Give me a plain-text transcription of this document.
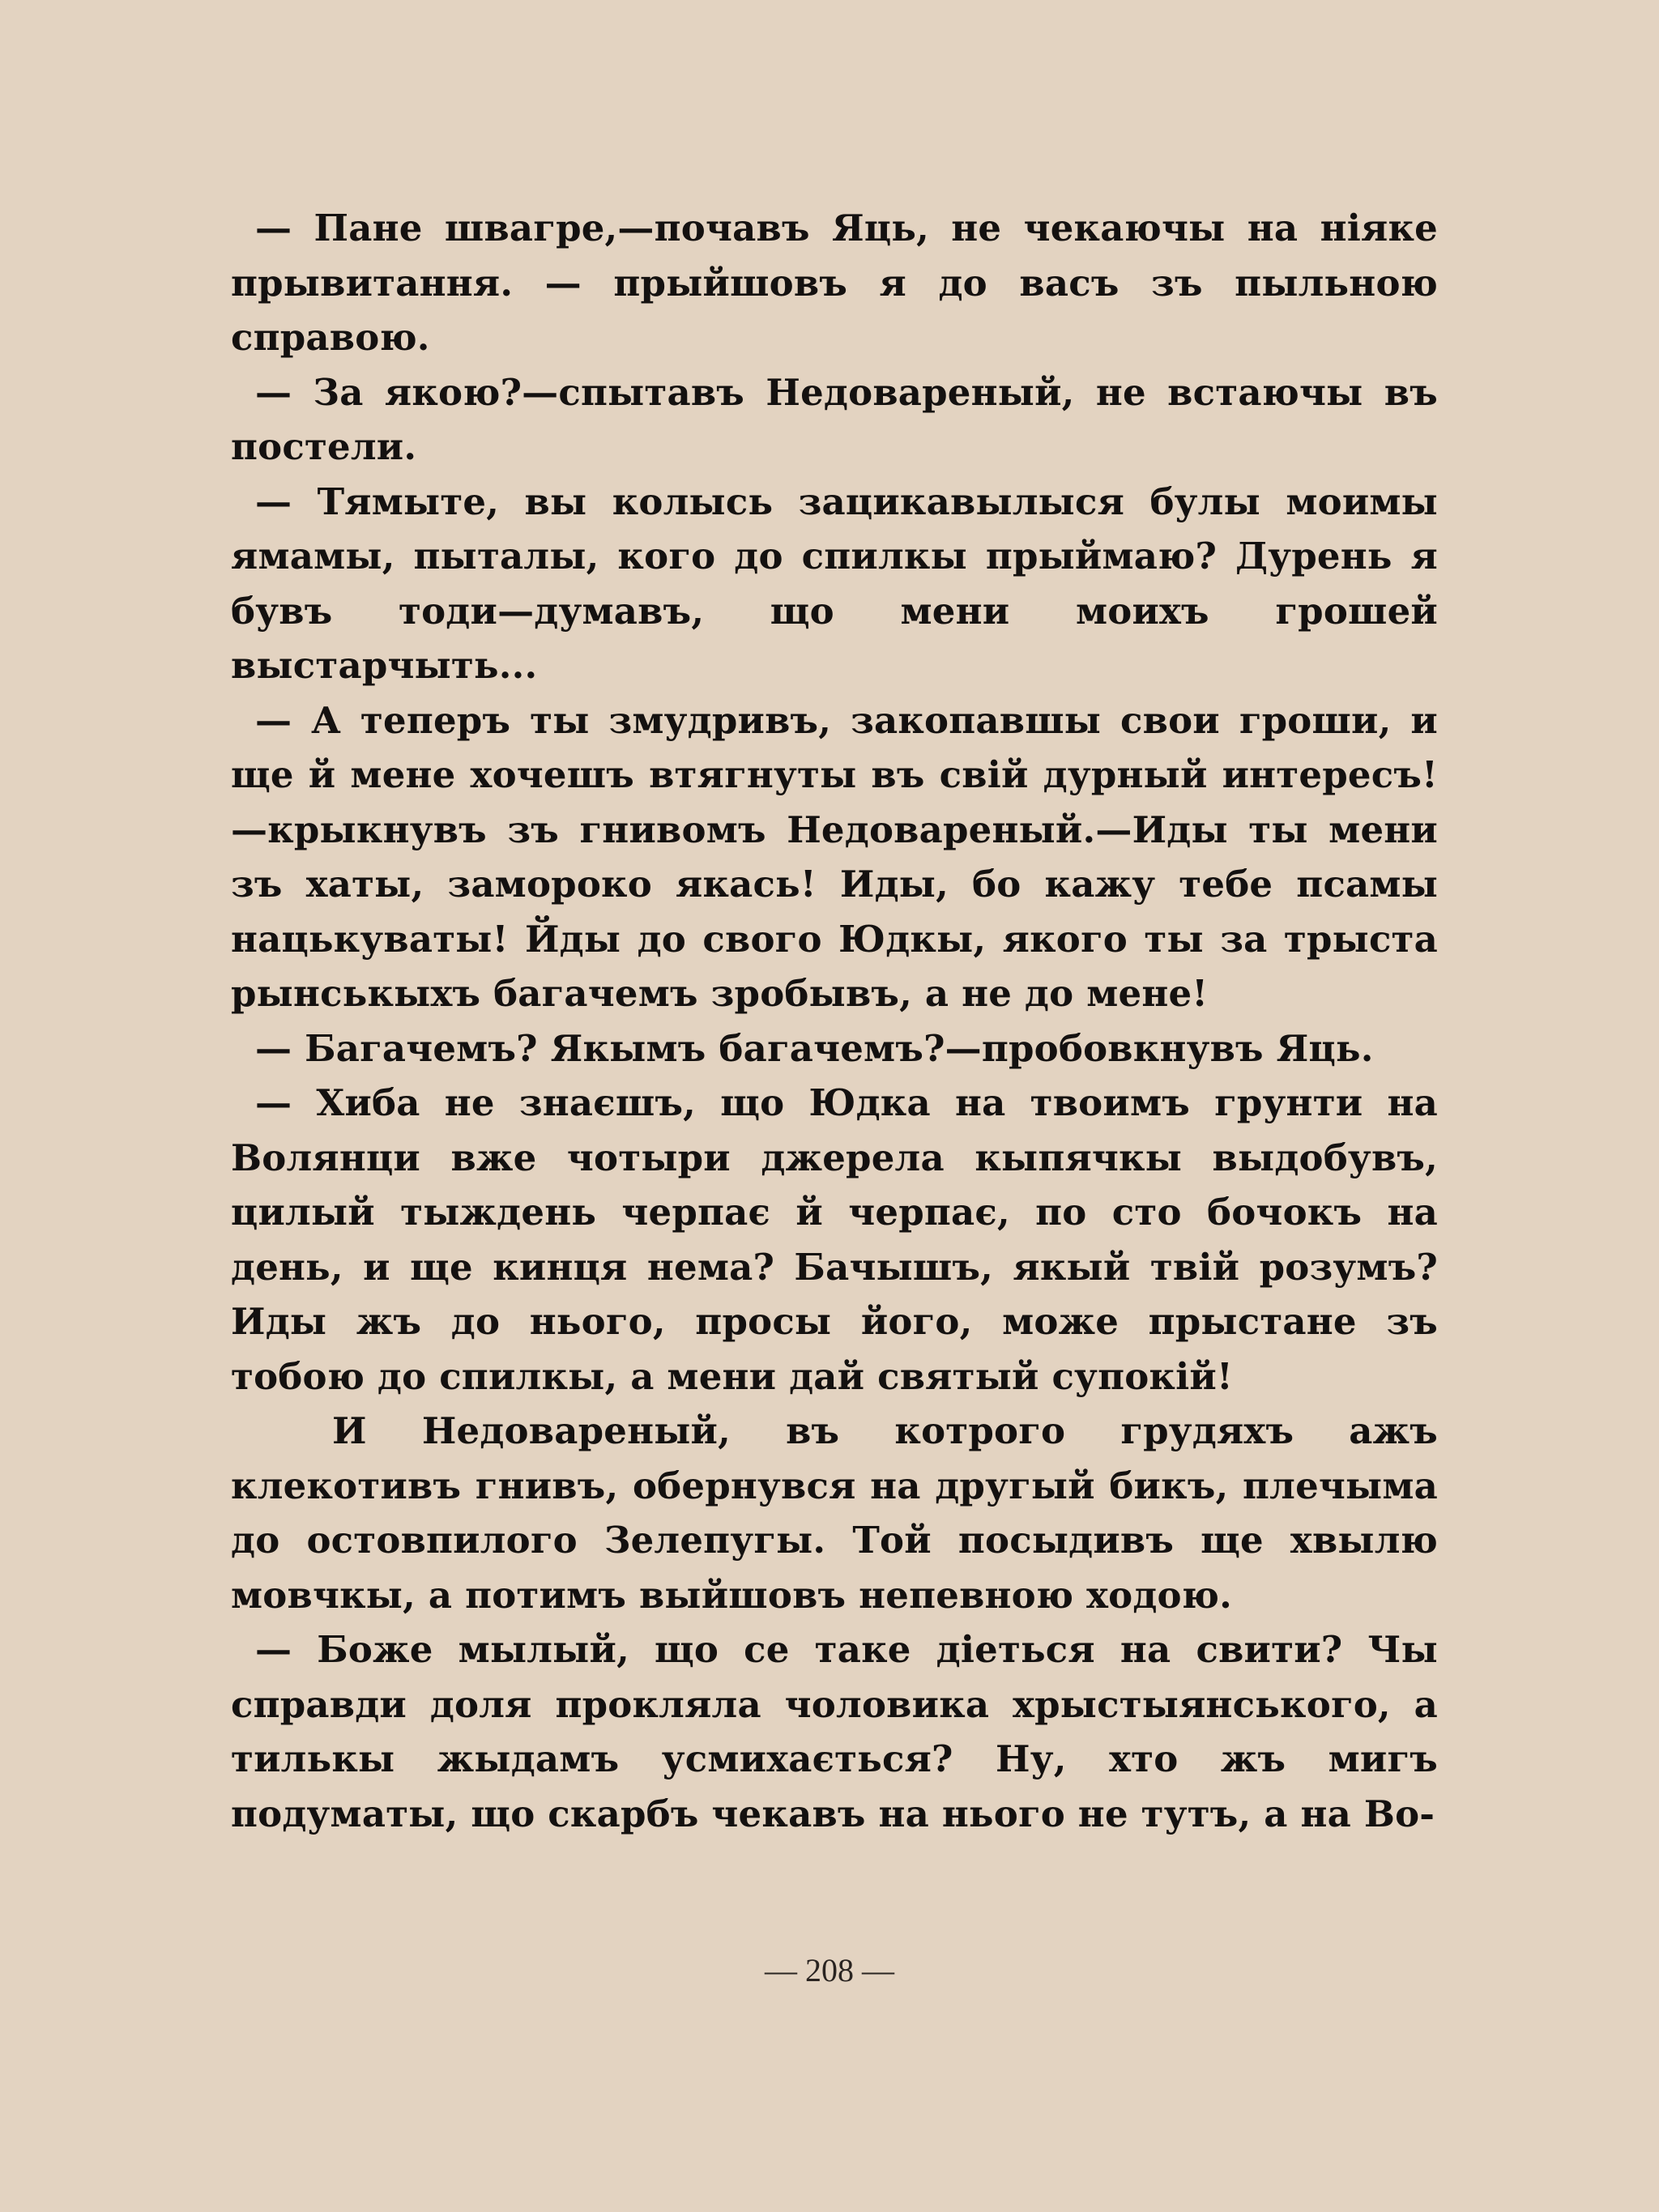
— Пане швагре,—почавъ Яць, не чекаючы на ніяке прывитання. — прыйшовъ я до васъ зъ пыльною справою.

— За якою?—спытавъ Недовареный, не встаючы въ постели.

— Тямыте, вы колысь зацикавылыся булы моимы ямамы, пыталы, кого до спилкы прыймаю? Дурень я бувъ тоди—думавъ, що мени моихъ грошей выстарчыть...

— А теперъ ты змудривъ, закопавшы свои гроши, и ще й мене хочешъ втягнуты въ свій дурный интересъ!—крыкнувъ зъ гнивомъ Недовареный.—Иды ты мени зъ хаты, замороко якась! Иды, бо кажу тебе псамы нацькуваты! Йды до свого Юдкы, якого ты за трыста рынськыхъ багачемъ зробывъ, а не до мене!

— Багачемъ? Якымъ багачемъ?—пробовкнувъ Яць.

— Хиба не знаєшъ, що Юдка на твоимъ грунти на Волянци вже чотыри джерела кыпячкы выдобувъ, цилый тыждень черпає й черпає, по сто бочокъ на день, и ще кинця нема? Бачышъ, якый твій розумъ? Иды жъ до нього, просы його, може прыстане зъ тобою до спилкы, а мени дай святый супокій!

И Недовареный, въ котрого грудяхъ ажъ клекотивъ гнивъ, обернувся на другый бикъ, плечыма до остовпилого Зелепугы. Той посыдивъ ще хвылю мовчкы, а потимъ выйшовъ непевною ходою.

— Боже мылый, що се таке діеться на свити? Чы справди доля прокляла чоловика хрыстыянського, а тилькы жыдамъ усмихається? Ну, хто жъ мигъ подуматы, що скарбъ чекавъ на нього не тутъ, а на Во-

— 208 —
